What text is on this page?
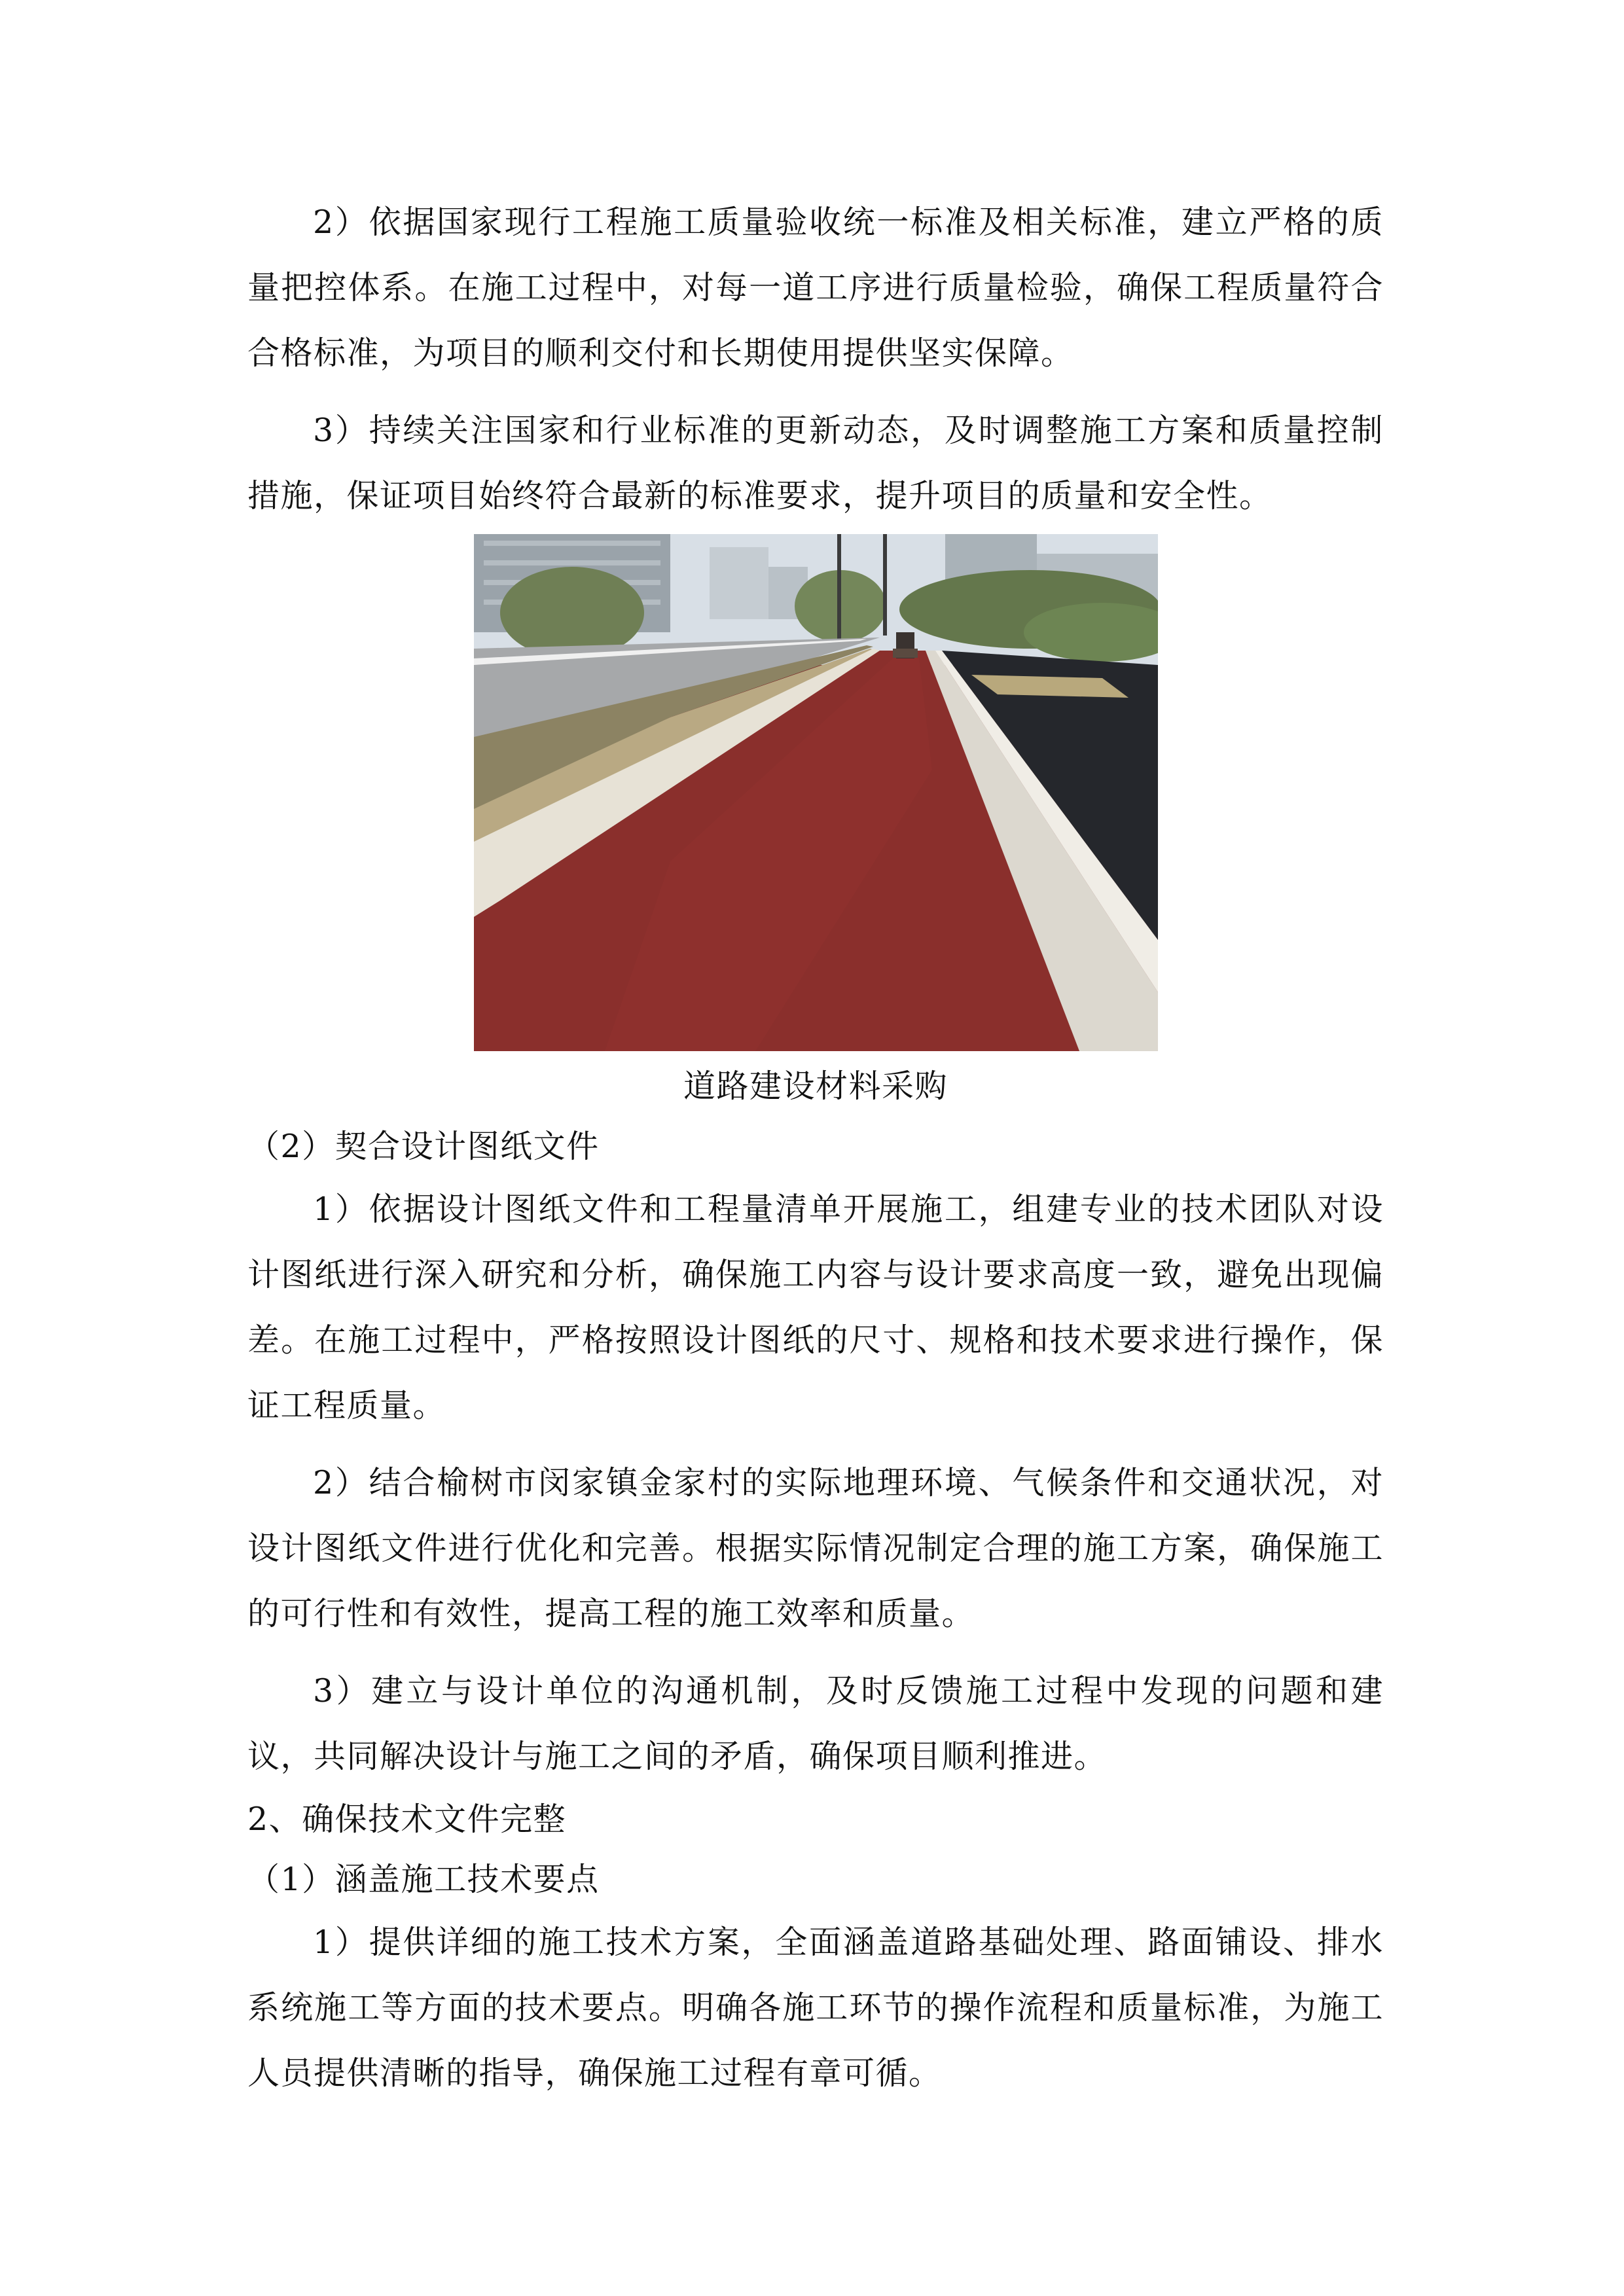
2）依据国家现行工程施工质量验收统一标准及相关标准，建立严格的质量把控体系。在施工过程中，对每一道工序进行质量检验，确保工程质量符合合格标准，为项目的顺利交付和长期使用提供坚实保障。

3）持续关注国家和行业标准的更新动态，及时调整施工方案和质量控制措施，保证项目始终符合最新的标准要求，提升项目的质量和安全性。

道路建设材料采购

（2）契合设计图纸文件

1）依据设计图纸文件和工程量清单开展施工，组建专业的技术团队对设计图纸进行深入研究和分析，确保施工内容与设计要求高度一致，避免出现偏差。在施工过程中，严格按照设计图纸的尺寸、规格和技术要求进行操作，保证工程质量。

2）结合榆树市闵家镇金家村的实际地理环境、气候条件和交通状况，对设计图纸文件进行优化和完善。根据实际情况制定合理的施工方案，确保施工的可行性和有效性，提高工程的施工效率和质量。

3）建立与设计单位的沟通机制，及时反馈施工过程中发现的问题和建议，共同解决设计与施工之间的矛盾，确保项目顺利推进。

2、确保技术文件完整

（1）涵盖施工技术要点

1）提供详细的施工技术方案，全面涵盖道路基础处理、路面铺设、排水系统施工等方面的技术要点。明确各施工环节的操作流程和质量标准，为施工人员提供清晰的指导，确保施工过程有章可循。
